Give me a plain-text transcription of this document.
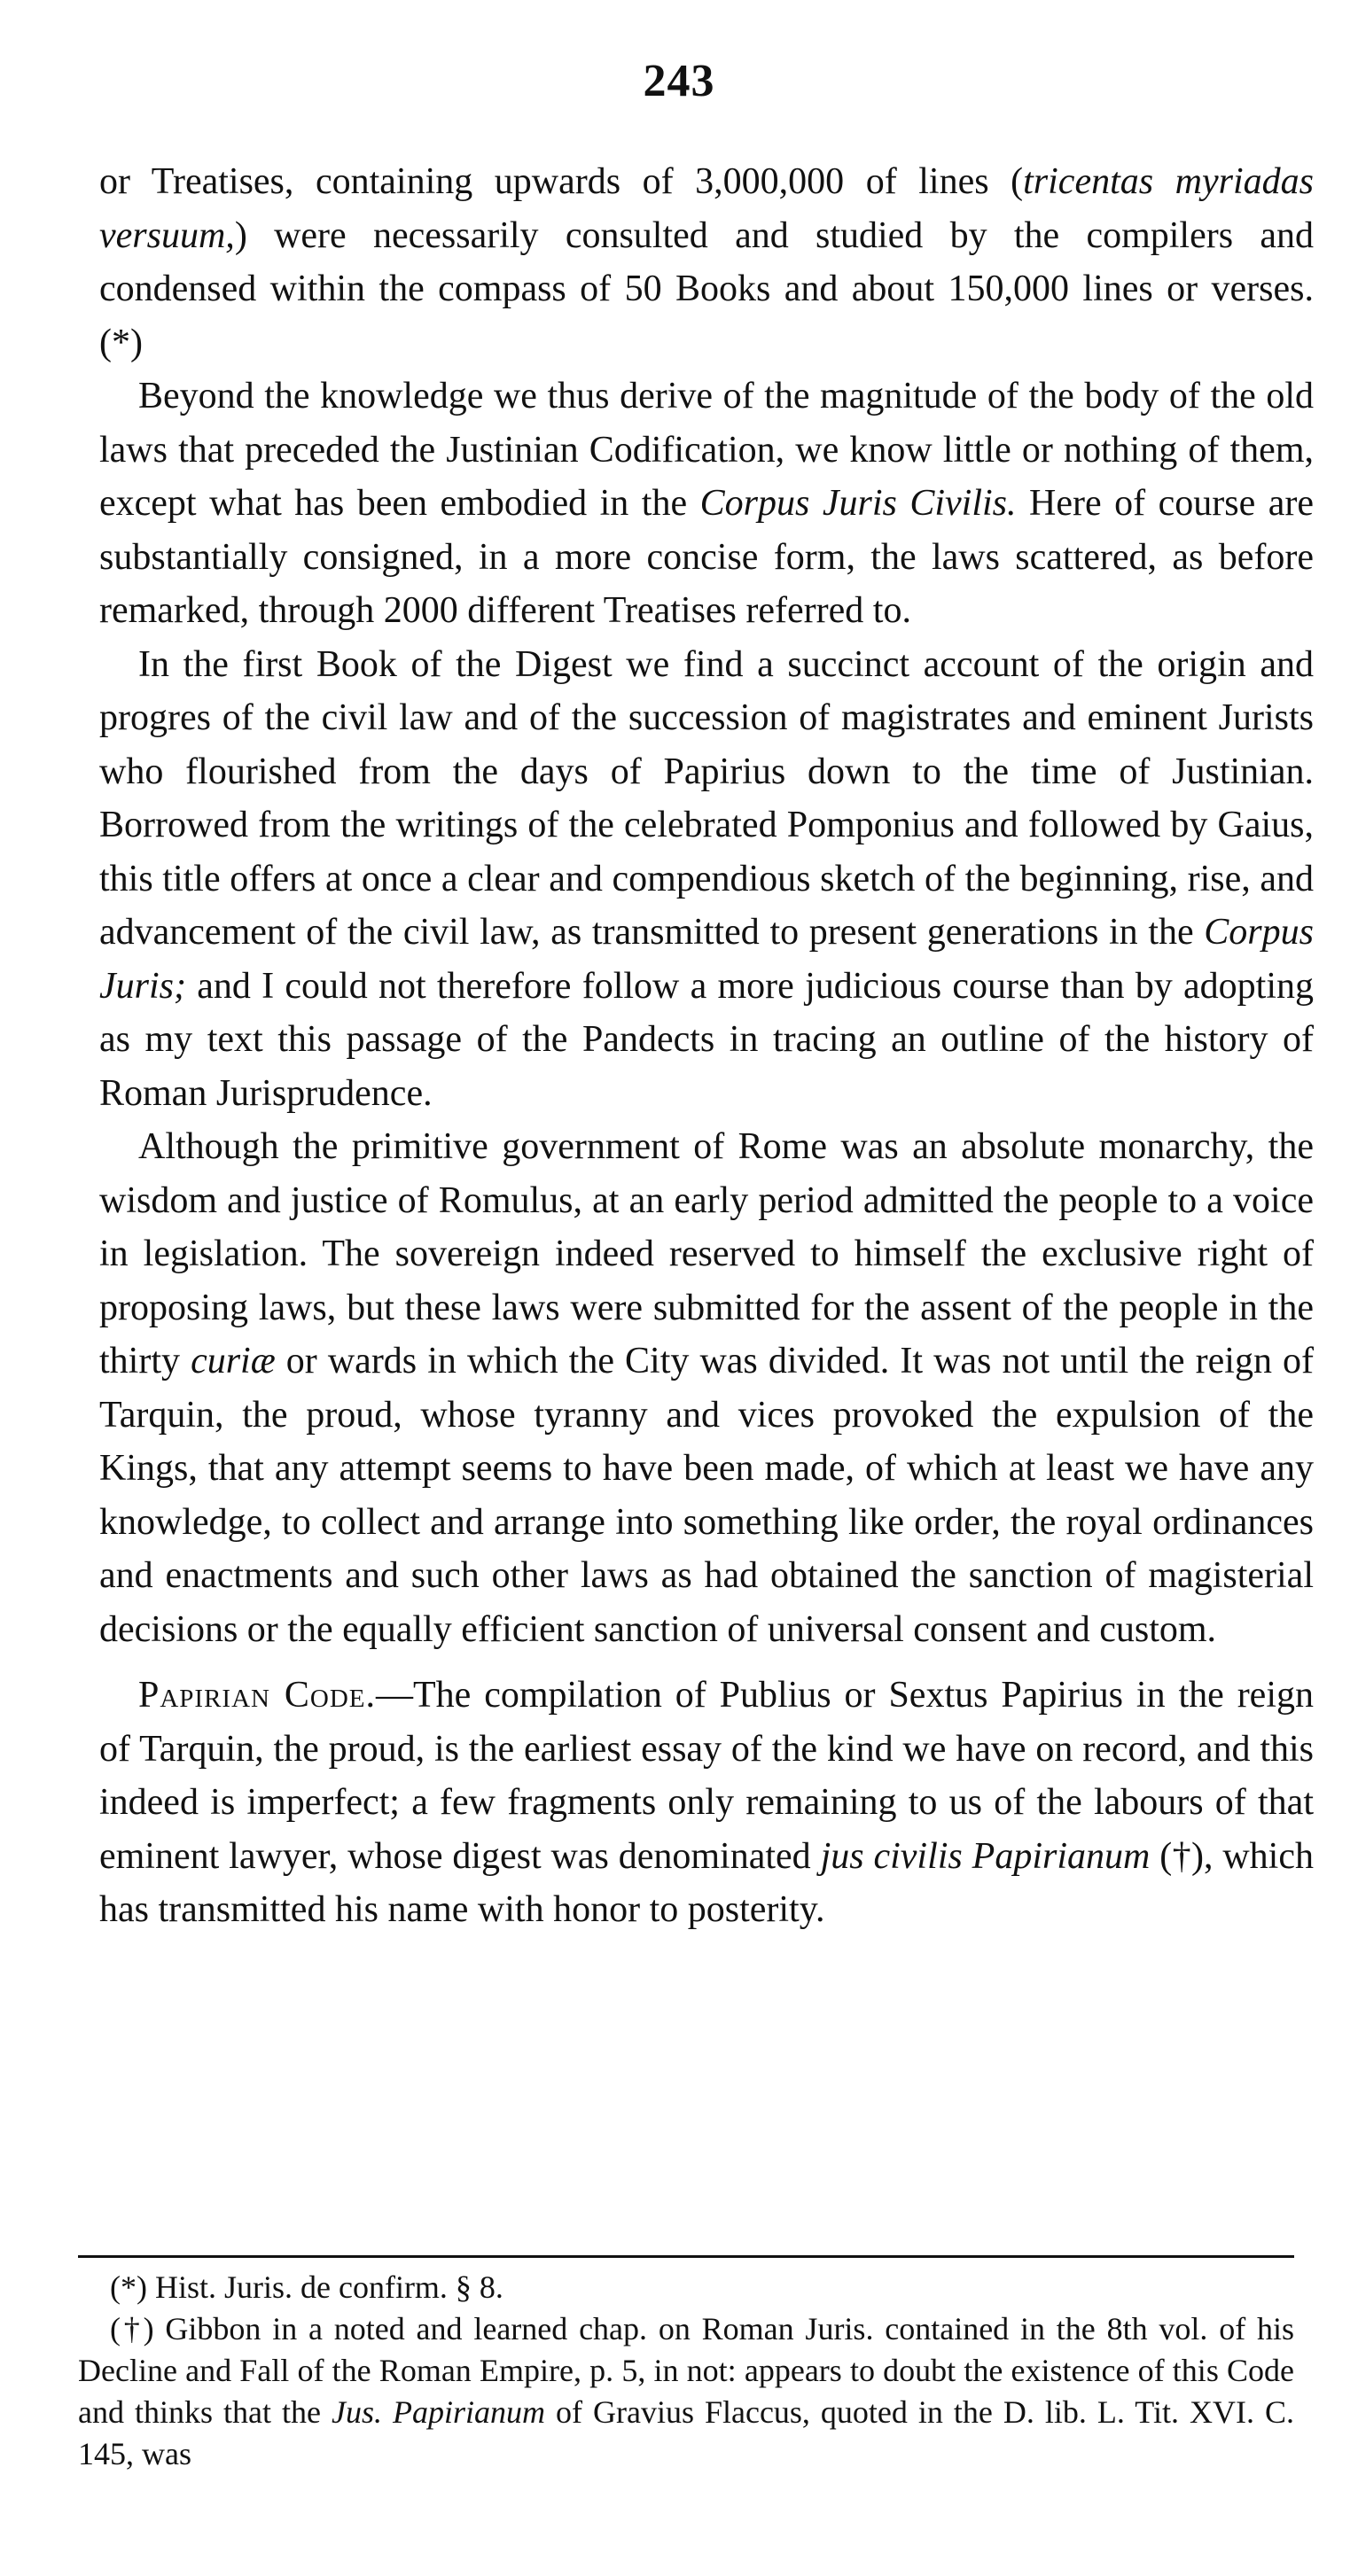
243

or Treatises, containing upwards of 3,000,000 of lines (tricentas myriadas versuum,) were necessarily consulted and studied by the compilers and condensed within the compass of 50 Books and about 150,000 lines or verses. (*)

Beyond the knowledge we thus derive of the magnitude of the body of the old laws that preceded the Justinian Codification, we know little or nothing of them, except what has been embodied in the Corpus Juris Civilis. Here of course are substantially consigned, in a more concise form, the laws scattered, as before remarked, through 2000 different Treatises referred to.

In the first Book of the Digest we find a succinct account of the origin and progres of the civil law and of the succession of magistrates and eminent Jurists who flourished from the days of Papirius down to the time of Justinian. Borrowed from the writings of the celebrated Pomponius and followed by Gaius, this title offers at once a clear and compendious sketch of the beginning, rise, and advancement of the civil law, as transmitted to present generations in the Corpus Juris; and I could not therefore follow a more judicious course than by adopting as my text this passage of the Pandects in tracing an outline of the history of Roman Jurisprudence.

Although the primitive government of Rome was an absolute monarchy, the wisdom and justice of Romulus, at an early period admitted the people to a voice in legislation. The sovereign indeed reserved to himself the exclusive right of proposing laws, but these laws were submitted for the assent of the people in the thirty curiæ or wards in which the City was divided. It was not until the reign of Tarquin, the proud, whose tyranny and vices provoked the expulsion of the Kings, that any attempt seems to have been made, of which at least we have any knowledge, to collect and arrange into something like order, the royal ordinances and enactments and such other laws as had obtained the sanction of magisterial decisions or the equally efficient sanction of universal consent and custom.

Papirian Code.—The compilation of Publius or Sextus Papirius in the reign of Tarquin, the proud, is the earliest essay of the kind we have on record, and this indeed is imperfect; a few fragments only remaining to us of the labours of that eminent lawyer, whose digest was denominated jus civilis Papirianum (†), which has transmitted his name with honor to posterity.

(*) Hist. Juris. de confirm. § 8.

(†) Gibbon in a noted and learned chap. on Roman Juris. contained in the 8th vol. of his Decline and Fall of the Roman Empire, p. 5, in not: appears to doubt the existence of this Code and thinks that the Jus. Papirianum of Gravius Flaccus, quoted in the D. lib. L. Tit. XVI. C. 145, was
